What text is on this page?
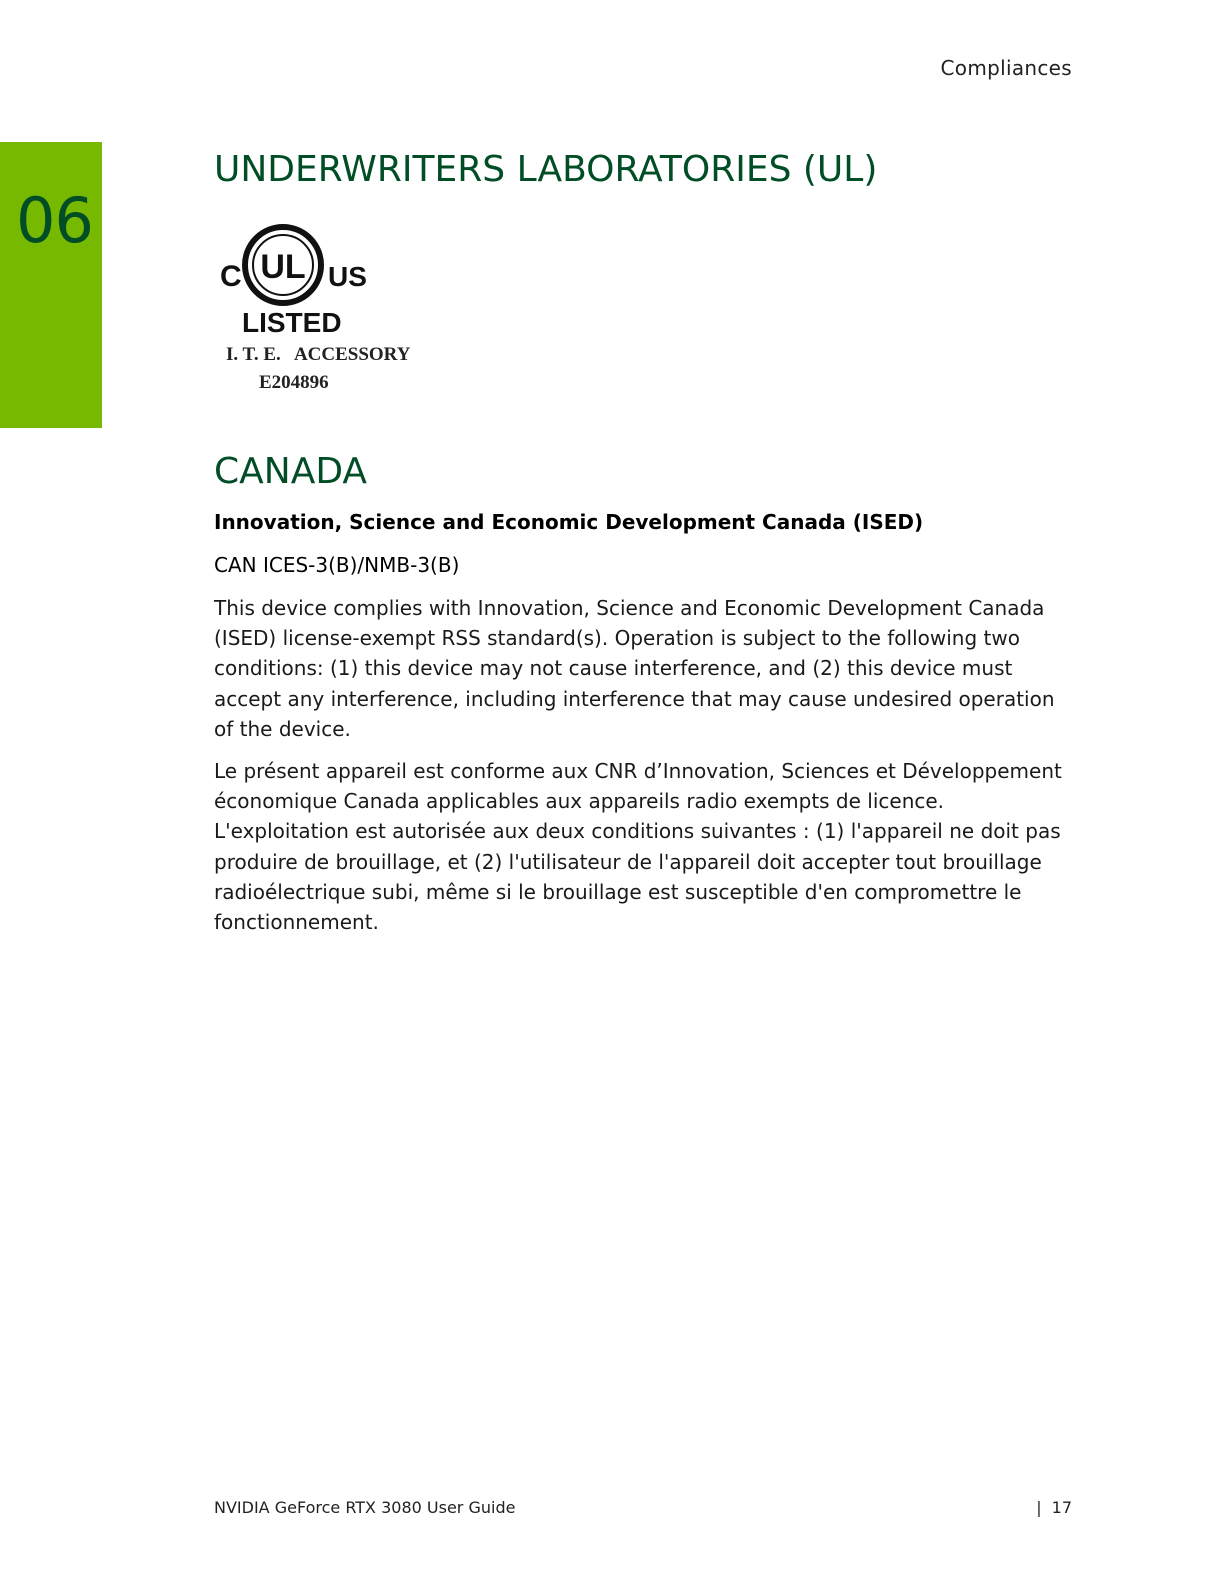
Compliances
06
UNDERWRITERS LABORATORIES (UL)
C UL US
LISTED
I. T. E.   ACCESSORY
E204896
CANADA
Innovation, Science and Economic Development Canada (ISED)
CAN ICES-3(B)/NMB-3(B)

This device complies with Innovation, Science and Economic Development Canada (ISED) license-exempt RSS standard(s). Operation is subject to the following two conditions: (1) this device may not cause interference, and (2) this device must accept any interference, including interference that may cause undesired operation of the device.

Le présent appareil est conforme aux CNR d’Innovation, Sciences et Développement économique Canada applicables aux appareils radio exempts de licence. L'exploitation est autorisée aux deux conditions suivantes : (1) l'appareil ne doit pas produire de brouillage, et (2) l'utilisateur de l'appareil doit accepter tout brouillage radioélectrique subi, même si le brouillage est susceptible d'en compromettre le fonctionnement.

NVIDIA GeForce RTX 3080 User Guide	| 17
